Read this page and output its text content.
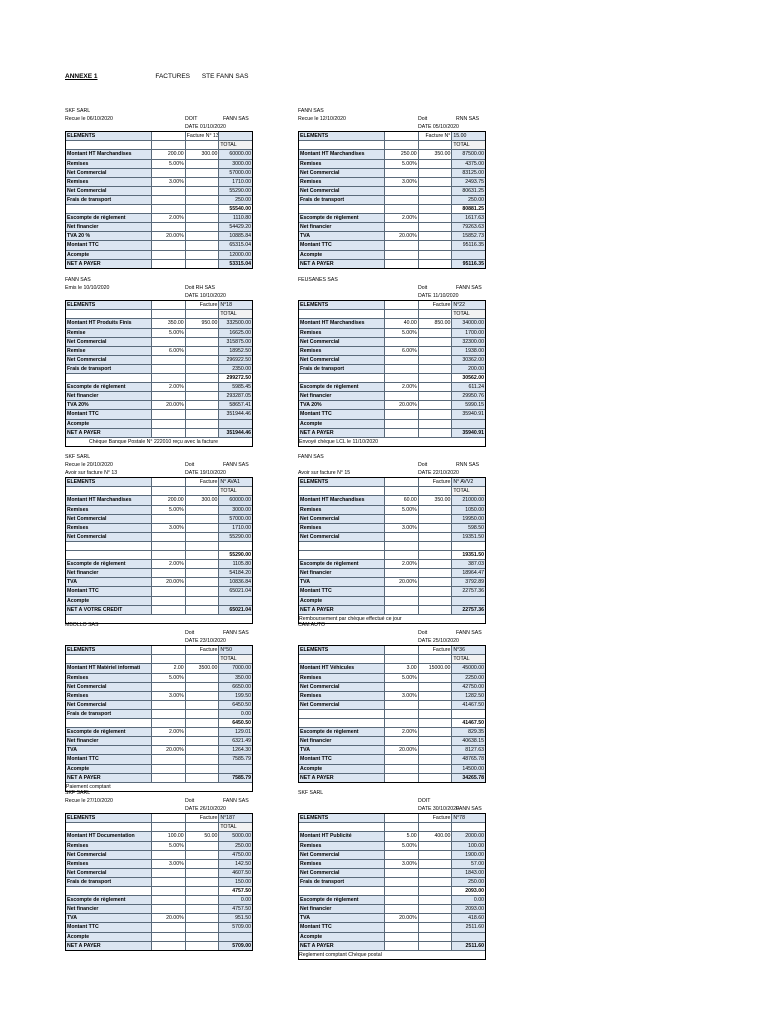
ANNEXE 1	FACTURES STE FANN SAS
SKF SARL
Recue le 06/10/2020	DOIT	FANN SAS
DATE 01/10/2020
ELEMENTS	Facture N° 13
TOTAL
Montant HT Marchandises	200.00	300.00	60000.00
Remises	5.00%	3000.00
Net Commercial	57000.00
Remises	3.00%	1710.00
Net Commercial	55290.00
Frais de transport	250.00
55540.00
Escompte de règlement	2.00%	1110.80
Net financier	54429.20
TVA 20 %	20.00%	10885.84
Montant TTC	65315.04
Acompte	12000.00
NET A PAYER	53315.04
FANN SAS
Recue le 12/10/2020	Doit	RNN SAS
DATE 05/10/2020
ELEMENTS	Facture N° 15.00
TOTAL
Montant HT Marchandises	250.00	350.00	87500.00
Remises	5.00%	4375.00
Net Commercial	83125.00
Remises	3.00%	2493.75
Net Commercial	80631.25
Frais de transport	250.00
80881.25
Escompte de règlement	2.00%	1617.63
Net financier	79263.63
TVA	20.00%	15852.73
Montant TTC	95116.35
Acompte
NET A PAYER	95116.35
FANN SAS
Emis le 10/10/2020	Doit RH SAS
DATE 10/10/2020
ELEMENTS	Facture N°18
TOTAL
Montant HT Produits Finis	350.00	950.00	332500.00
Remise	5.00%	16625.00
Net Commercial	315875.00
Remise	6.00%	18952.50
Net Commercial	296922.50
Frais de transport	2350.00
299272.50
Escompte de règlement	2.00%	5985.45
Net financier	293287.05
TVA 20%	20.00%	58657.41
Montant TTC	351944.46
Acompte
NET A PAYER	351944.46
Chèque Banque Postale N° 222010 reçu avec la facture
FEUSANES SAS
Doit	FANN SAS
DATE 11/10/2020
ELEMENTS	Facture N°22
TOTAL
Montant HT Marchandises	40.00	850.00	34000.00
Remises	5.00%	1700.00
Net Commercial	32300.00
Remises	6.00%	1938.00
Net Commercial	30362.00
Frais de transport	200.00
30562.00
Escompte de règlement	2.00%	611.24
Net financier	29950.76
TVA 20%	20.00%	5990.15
Montant TTC	35940.91
Acompte
NET A PAYER	35940.91
Envoyé chèque LCL le 11/10/2020
SKF SARL
Recue le 20/10/2020	Doit	FANN SAS
Avoir sur facture N° 13	DATE 19/10/2020
ELEMENTS	Facture N° AVA1
TOTAL
Montant HT Marchandises	200.00	300.00	60000.00
Remises	5.00%	3000.00
Net Commercial	57000.00
Remises	3.00%	1710.00
Net Commercial	55290.00
55290.00
Escompte de règlement	2.00%	1105.80
Net financier	54184.20
TVA	20.00%	10836.84
Montant TTC	65021.04
Acompte
NET A VOTRE CREDIT	65021.04
FANN SAS
Doit	RNN SAS
Avoir sur facture N° 15	DATE 22/10/2020
ELEMENTS	Facture N° AVV2
TOTAL
Montant HT Marchandises	60.00	350.00	21000.00
Remises	5.00%	1050.00
Net Commercial	19950.00
Remises	3.00%	598.50
Net Commercial	19351.50
19351.50
Escompte de règlement	2.00%	387.03
Net financier	18964.47
TVA	20.00%	3792.89
Montant TTC	22757.36
Acompte
NET A PAYER	22757.36
Remboursement par chèque effectué ce jour
MBOLLO SAS
Doit	FANN SAS
DATE 23/10/2020
ELEMENTS	Facture N°50
TOTAL
Montant HT Matériel informati	2.00	3500.00	7000.00
Remises	5.00%	350.00
Net Commercial	6650.00
Remises	3.00%	199.50
Net Commercial	6450.50
Frais de transport	0.00
6450.50
Escompte de règlement	2.00%	129.01
Net financier	6321.49
TVA	20.00%	1264.30
Montant TTC	7585.79
Acompte
NET A PAYER	7585.79
Paiement comptant
CAM AUTO
Doit	FANN SAS
DATE 25/10/2020
ELEMENTS	Facture N°36
TOTAL
Montant HT Véhicules	3.00	15000.00	45000.00
Remises	5.00%	2250.00
Net Commercial	42750.00
Remises	3.00%	1282.50
Net Commercial	41467.50
41467.50
Escompte de règlement	2.00%	829.35
Net financier	40638.15
TVA	20.00%	8127.63
Montant TTC	48765.78
Acompte	14500.00
NET A PAYER	34265.78
SKF SARL
Recue le 27/10/2020	Doit	FANN SAS
DATE 26/10/2020
ELEMENTS	Facture N°187
TOTAL
Montant HT Documentation	100.00	50.00	5000.00
Remises	5.00%	250.00
Net Commercial	4750.00
Remises	3.00%	142.50
Net Commercial	4607.50
Frais de transport	150.00
4757.50
Escompte de règlement	0.00
Net financier	4757.50
TVA	20.00%	951.50
Montant TTC	5709.00
Acompte
NET A PAYER	5709.00
SKF SARL
DOIT
DATE 30/10/2020
FANN SAS
ELEMENTS	Facture N°78
Montant HT Publicité	5.00	400.00	2000.00
Remises	5.00%	100.00
Net Commercial	1900.00
Remises	3.00%	57.00
Net Commercial	1843.00
Frais de transport	250.00
2093.00
Escompte de règlement	0.00
Net financier	2093.00
TVA	20.00%	418.60
Montant TTC	2511.60
Acompte
NET A PAYER	2511.60
Reglement comptant Chèque postal
